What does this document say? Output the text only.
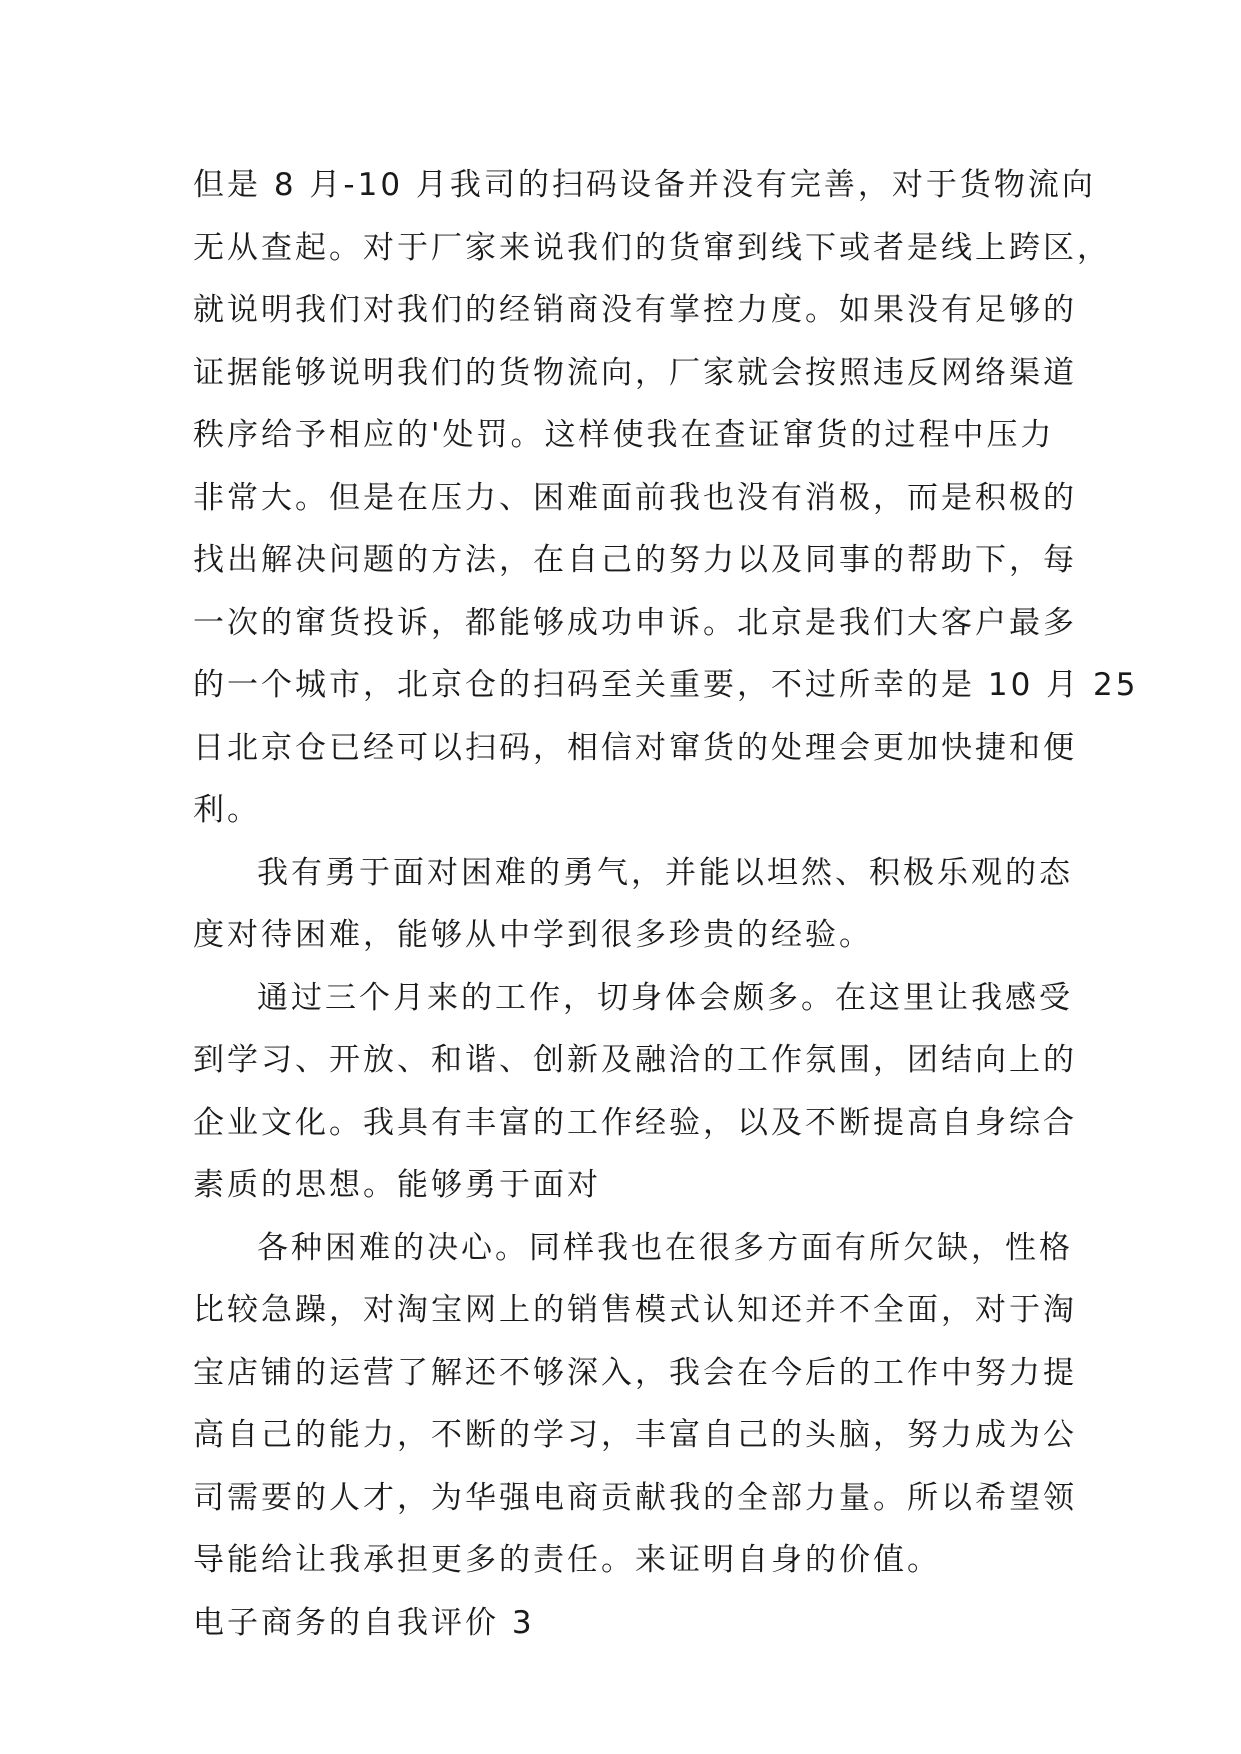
但是 8 月-10 月我司的扫码设备并没有完善，对于货物流向
无从查起。对于厂家来说我们的货窜到线下或者是线上跨区，
就说明我们对我们的经销商没有掌控力度。如果没有足够的
证据能够说明我们的货物流向，厂家就会按照违反网络渠道
秩序给予相应的'处罚。这样使我在查证窜货的过程中压力
非常大。但是在压力、困难面前我也没有消极，而是积极的
找出解决问题的方法，在自己的努力以及同事的帮助下，每
一次的窜货投诉，都能够成功申诉。北京是我们大客户最多
的一个城市，北京仓的扫码至关重要，不过所幸的是 10 月 25
日北京仓已经可以扫码，相信对窜货的处理会更加快捷和便
利。
我有勇于面对困难的勇气，并能以坦然、积极乐观的态
度对待困难，能够从中学到很多珍贵的经验。
通过三个月来的工作，切身体会颇多。在这里让我感受
到学习、开放、和谐、创新及融洽的工作氛围，团结向上的
企业文化。我具有丰富的工作经验，以及不断提高自身综合
素质的思想。能够勇于面对
各种困难的决心。同样我也在很多方面有所欠缺，性格
比较急躁，对淘宝网上的销售模式认知还并不全面，对于淘
宝店铺的运营了解还不够深入，我会在今后的工作中努力提
高自己的能力，不断的学习，丰富自己的头脑，努力成为公
司需要的人才，为华强电商贡献我的全部力量。所以希望领
导能给让我承担更多的责任。来证明自身的价值。
电子商务的自我评价 3
